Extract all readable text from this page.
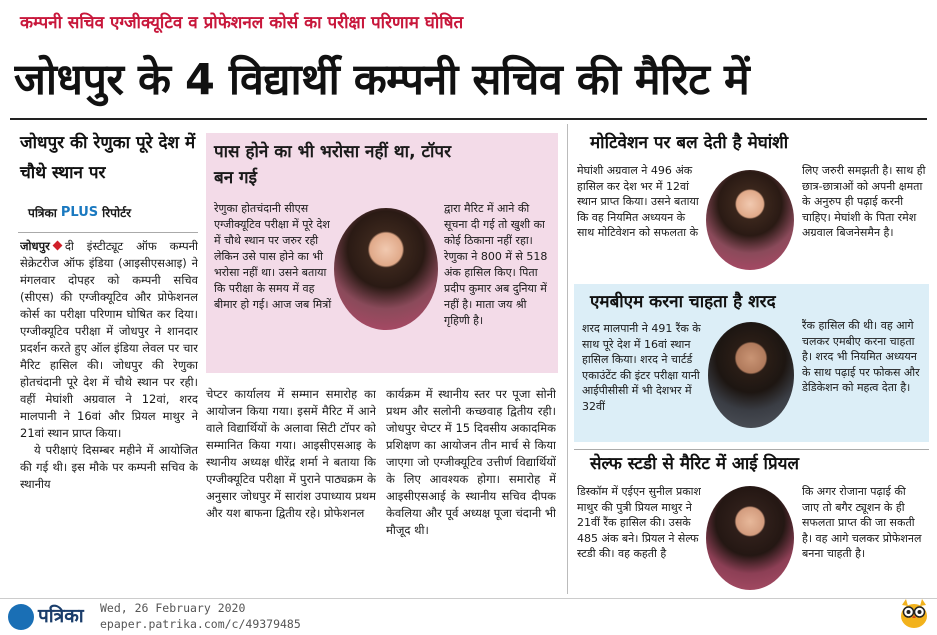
कम्पनी सचिव एग्जीक्यूटिव व प्रोफेशनल कोर्स का परीक्षा परिणाम घोषित
जोधपुर के 4 विद्यार्थी कम्पनी सचिव की मैरिट में
जोधपुर की रेणुका पूरे देश में चौथे स्थान पर
पत्रिका PLUS रिपोर्टर

जोधपुर दी इंस्टीट्यूट ऑफ कम्पनी सेक्रेटरीज ऑफ इंडिया (आइसीएसआइ) ने मंगलवार दोपहर को कम्पनी सचिव (सीएस) की एग्जीक्यूटिव और प्रोफेशनल कोर्स का परीक्षा परिणाम घोषित कर दिया। एग्जीक्यूटिव परीक्षा में जोधपुर ने शानदार प्रदर्शन करते हुए ऑल इंडिया लेवल पर चार मैरिट हासिल की। जोधपुर की रेणुका होतचंदानी पूरे देश में चौथे स्थान पर रही। वहीं मेघांशी अग्रवाल ने 12वां, शरद मालपानी ने 16वां और प्रियल माथुर ने 21वां स्थान प्राप्त किया।

ये परीक्षाएं दिसम्बर महीने में आयोजित की गई थी। इस मौके पर कम्पनी सचिव के स्थानीय

पास होने का भी भरोसा नहीं था, टॉपर बन गई
रेणुका होतचंदानी सीएस एग्जीक्यूटिव परीक्षा में पूरे देश में चौथे स्थान पर जरुर रही लेकिन उसे पास होने का भी भरोसा नहीं था। उसने बताया कि परीक्षा के समय में वह बीमार हो गई। आज जब मित्रों
द्वारा मैरिट में आने की सूचना दी गई तो खुशी का कोई ठिकाना नहीं रहा। रेणुका ने 800 में से 518 अंक हासिल किए। पिता प्रदीप कुमार अब दुनिया में नहीं है। माता जय श्री गृहिणी है।
चेप्टर कार्यालय में सम्मान समारोह का आयोजन किया गया। इसमें मैरिट में आने वाले विद्यार्थियों के अलावा सिटी टॉपर को सम्मानित किया गया। आइसीएसआइ के स्थानीय अध्यक्ष धीरेंद्र शर्मा ने बताया कि एग्जीक्यूटिव परीक्षा में पुराने पाठ्यक्रम के अनुसार जोधपुर में सारांश उपाध्याय प्रथम और यश बाफना द्वितीय रहे। प्रोफेशनल
कार्यक्रम में स्थानीय स्तर पर पूजा सोनी प्रथम और सलोनी कच्छवाह द्वितीय रही। जोधपुर चेप्टर में 15 दिवसीय अकादमिक प्रशिक्षण का आयोजन तीन मार्च से किया जाएगा जो एग्जीक्यूटिव उत्तीर्ण विद्यार्थियों के लिए आवश्यक होगा। समारोह में आइसीएसआई के स्थानीय सचिव दीपक केवलिया और पूर्व अध्यक्ष पूजा चंदानी भी मौजूद थी।
मोटिवेशन पर बल देती है मेघांशी
मेघांशी अग्रवाल ने 496 अंक हासिल कर देश भर में 12वां स्थान प्राप्त किया। उसने बताया कि वह नियमित अध्ययन के साथ मोटिवेशन को सफलता के
लिए जरुरी समझती है। साथ ही छात्र-छात्राओं को अपनी क्षमता के अनुरुप ही पढ़ाई करनी चाहिए। मेघांशी के पिता रमेश अग्रवाल बिजनेसमैन है।
एमबीएम करना चाहता है शरद
शरद मालपानी ने 491 रैंक के साथ पूरे देश में 16वां स्थान हासिल किया। शरद ने चार्टर्ड एकाउंटेंट की इंटर परीक्षा यानी आईपीसीसी में भी देशभर में 32वीं
रैंक हासिल की थी। वह आगे चलकर एमबीए करना चाहता है। शरद भी नियमित अध्ययन के साथ पढ़ाई पर फोकस और डेडिकेशन को महत्व देता है।
सेल्फ स्टडी से मैरिट में आई प्रियल
डिस्कॉम में एईएन सुनील प्रकाश माथुर की पुत्री प्रियल माथुर ने 21वीं रैंक हासिल की। उसके 485 अंक बने। प्रियल ने सेल्फ स्टडी की। वह कहती है
कि अगर रोजाना पढ़ाई की जाए तो बगैर ट्यूशन के ही सफलता प्राप्त की जा सकती है। वह आगे चलकर प्रोफेशनल बनना चाहती है।
पत्रिका Wed, 26 February 2020
epaper.patrika.com/c/49379485
